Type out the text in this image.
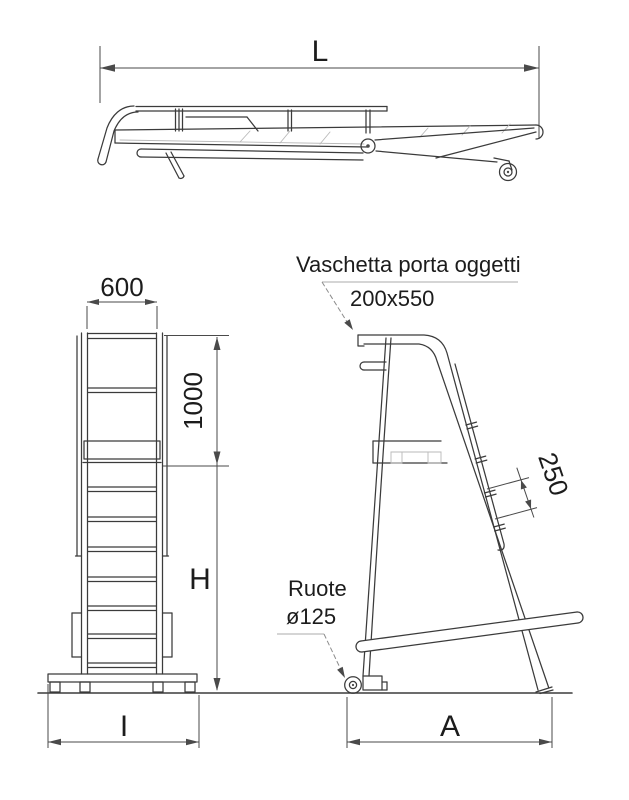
L
600
1000
H
I
Vaschetta porta oggetti
200x550
250
Ruote
ø125
A
